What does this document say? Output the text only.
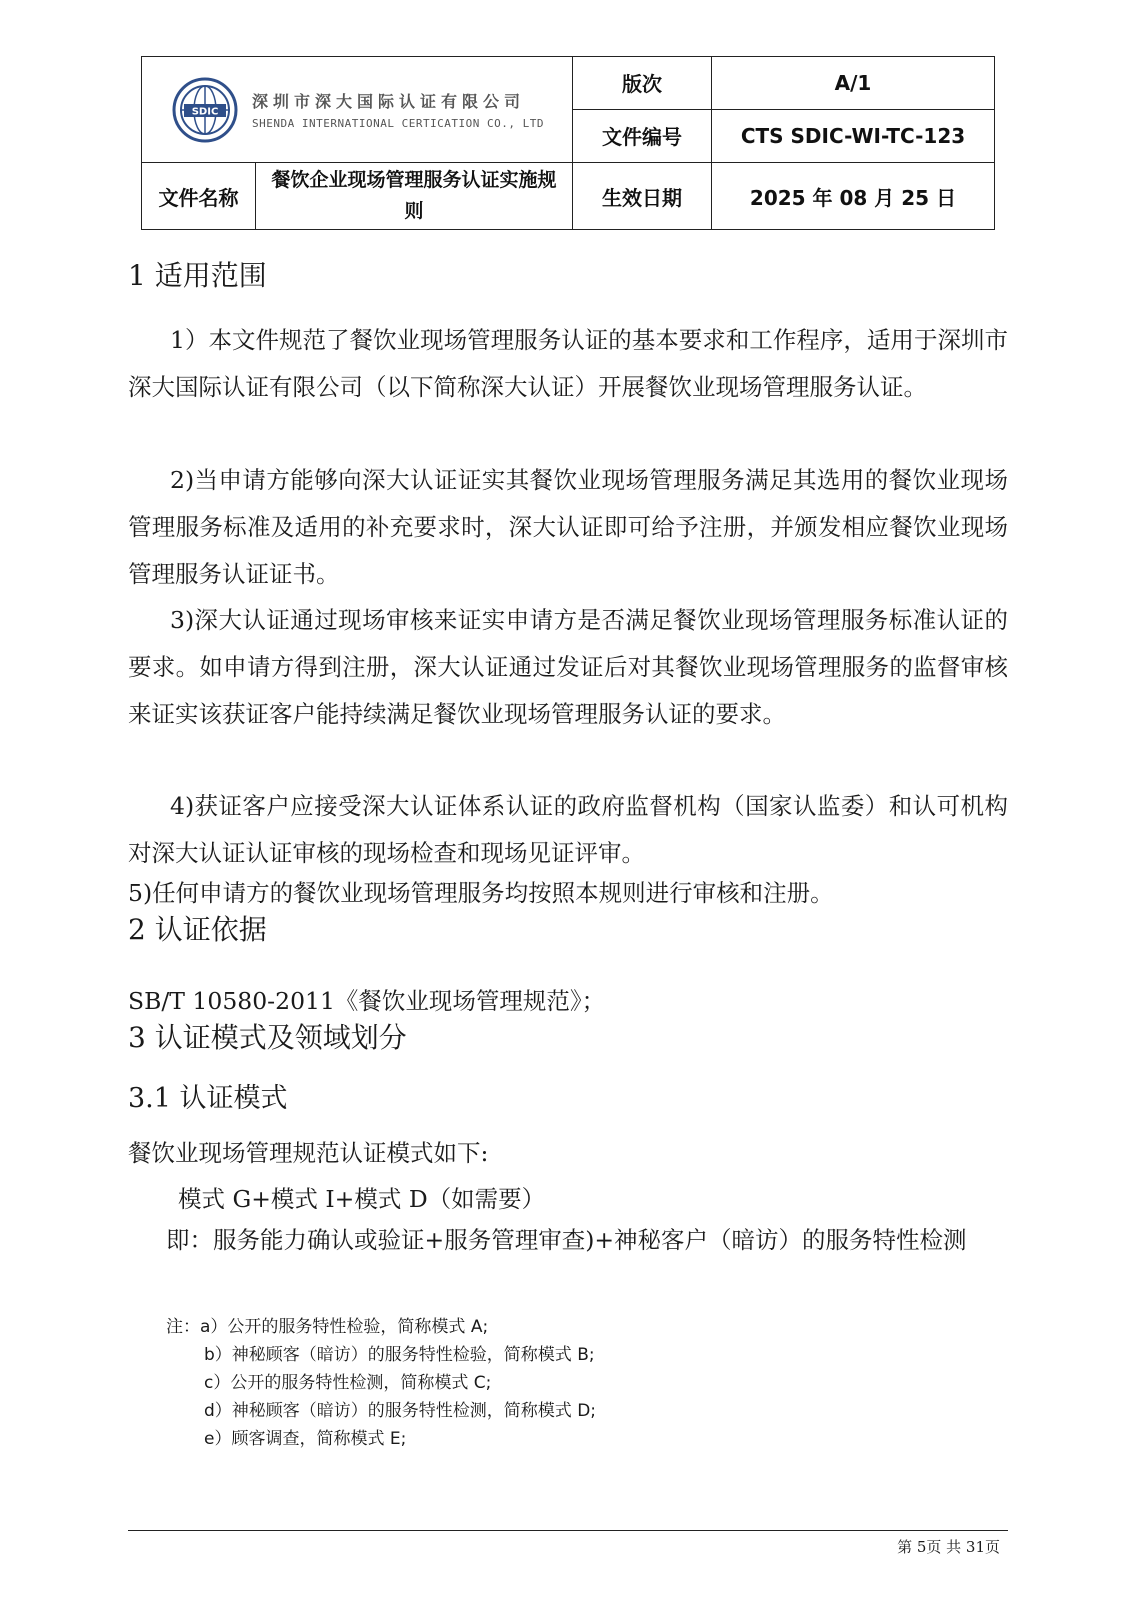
SDIC
深圳市深大国际认证有限公司
SHENDA INTERNATIONAL CERTICATION CO., LTD		版次	A/1
		文件编号	CTS SDIC-WI-TC-123
文件名称	餐饮企业现场管理服务认证实施规则	生效日期	2025 年 08 月 25 日
1 适用范围
1）本文件规范了餐饮业现场管理服务认证的基本要求和工作程序，适用于深圳市深大国际认证有限公司（以下简称深大认证）开展餐饮业现场管理服务认证。
2)当申请方能够向深大认证证实其餐饮业现场管理服务满足其选用的餐饮业现场管理服务标准及适用的补充要求时，深大认证即可给予注册，并颁发相应餐饮业现场管理服务认证证书。
3)深大认证通过现场审核来证实申请方是否满足餐饮业现场管理服务标准认证的要求。如申请方得到注册，深大认证通过发证后对其餐饮业现场管理服务的监督审核来证实该获证客户能持续满足餐饮业现场管理服务认证的要求。
4)获证客户应接受深大认证体系认证的政府监督机构（国家认监委）和认可机构对深大认证认证审核的现场检查和现场见证评审。
5)任何申请方的餐饮业现场管理服务均按照本规则进行审核和注册。
2 认证依据
SB/T 10580-2011《餐饮业现场管理规范》；
3 认证模式及领域划分
3.1 认证模式
餐饮业现场管理规范认证模式如下:
模式 G+模式 I+模式 D（如需要）
即：服务能力确认或验证+服务管理审查)+神秘客户（暗访）的服务特性检测
注：a）公开的服务特性检验，简称模式 A;
b）神秘顾客（暗访）的服务特性检验，简称模式 B;
c）公开的服务特性检测，简称模式 C;
d）神秘顾客（暗访）的服务特性检测，简称模式 D;
e）顾客调查，简称模式 E;
第 5页 共 31页
